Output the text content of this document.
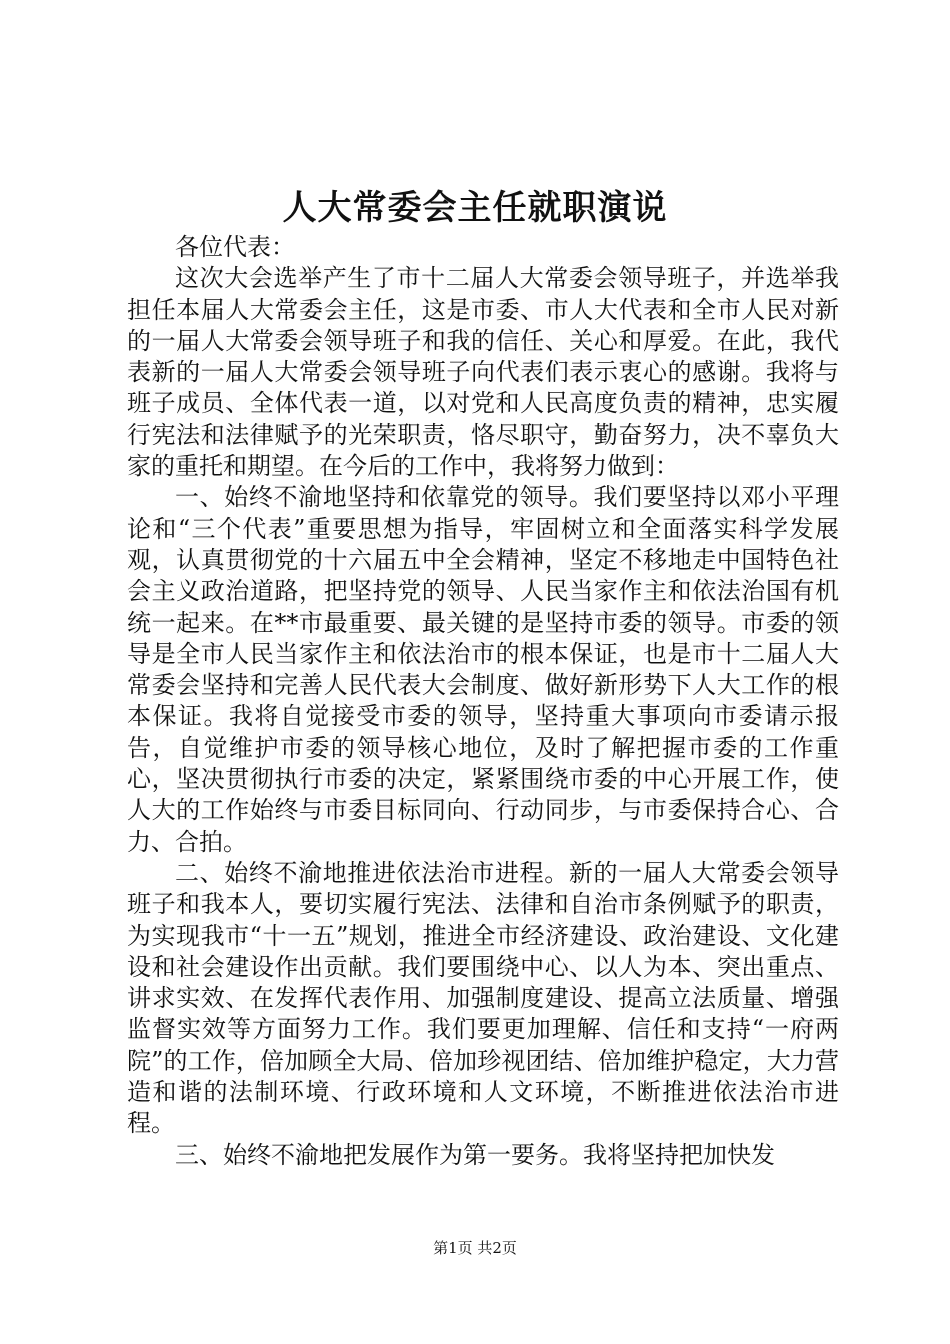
人大常委会主任就职演说

各位代表：

这次大会选举产生了市十二届人大常委会领导班子，并选举我担任本届人大常委会主任，这是市委、市人大代表和全市人民对新的一届人大常委会领导班子和我的信任、关心和厚爱。在此，我代表新的一届人大常委会领导班子向代表们表示衷心的感谢。我将与班子成员、全体代表一道，以对党和人民高度负责的精神，忠实履行宪法和法律赋予的光荣职责，恪尽职守，勤奋努力，决不辜负大家的重托和期望。在今后的工作中，我将努力做到：

一、始终不渝地坚持和依靠党的领导。我们要坚持以邓小平理论和“三个代表”重要思想为指导，牢固树立和全面落实科学发展观，认真贯彻党的十六届五中全会精神，坚定不移地走中国特色社会主义政治道路，把坚持党的领导、人民当家作主和依法治国有机统一起来。在**市最重要、最关键的是坚持市委的领导。市委的领导是全市人民当家作主和依法治市的根本保证，也是市十二届人大常委会坚持和完善人民代表大会制度、做好新形势下人大工作的根本保证。我将自觉接受市委的领导，坚持重大事项向市委请示报告，自觉维护市委的领导核心地位，及时了解把握市委的工作重心，坚决贯彻执行市委的决定，紧紧围绕市委的中心开展工作，使人大的工作始终与市委目标同向、行动同步，与市委保持合心、合力、合拍。

二、始终不渝地推进依法治市进程。新的一届人大常委会领导班子和我本人，要切实履行宪法、法律和自治市条例赋予的职责，为实现我市“十一五”规划，推进全市经济建设、政治建设、文化建设和社会建设作出贡献。我们要围绕中心、以人为本、突出重点、讲求实效、在发挥代表作用、加强制度建设、提高立法质量、增强监督实效等方面努力工作。我们要更加理解、信任和支持“一府两院”的工作，倍加顾全大局、倍加珍视团结、倍加维护稳定，大力营造和谐的法制环境、行政环境和人文环境，不断推进依法治市进程。

三、始终不渝地把发展作为第一要务。我将坚持把加快发

第1页 共2页
